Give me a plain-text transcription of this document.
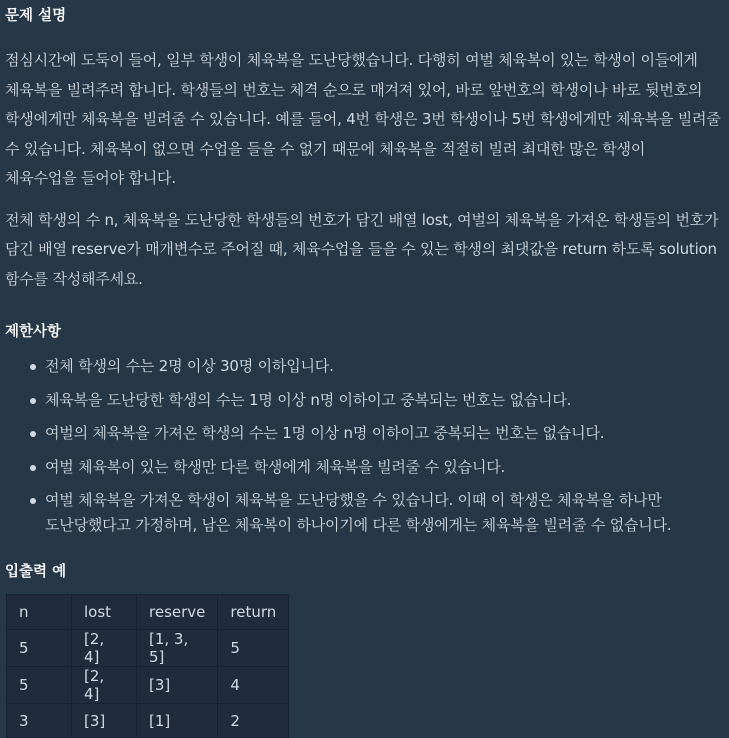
문제 설명

점심시간에 도둑이 들어, 일부 학생이 체육복을 도난당했습니다. 다행히 여벌 체육복이 있는 학생이 이들에게 체육복을 빌려주려 합니다. 학생들의 번호는 체격 순으로 매겨져 있어, 바로 앞번호의 학생이나 바로 뒷번호의 학생에게만 체육복을 빌려줄 수 있습니다. 예를 들어, 4번 학생은 3번 학생이나 5번 학생에게만 체육복을 빌려줄 수 있습니다. 체육복이 없으면 수업을 들을 수 없기 때문에 체육복을 적절히 빌려 최대한 많은 학생이 체육수업을 들어야 합니다.

전체 학생의 수 n, 체육복을 도난당한 학생들의 번호가 담긴 배열 lost, 여벌의 체육복을 가져온 학생들의 번호가 담긴 배열 reserve가 매개변수로 주어질 때, 체육수업을 들을 수 있는 학생의 최댓값을 return 하도록 solution 함수를 작성해주세요.

제한사항
전체 학생의 수는 2명 이상 30명 이하입니다.
체육복을 도난당한 학생의 수는 1명 이상 n명 이하이고 중복되는 번호는 없습니다.
여벌의 체육복을 가져온 학생의 수는 1명 이상 n명 이하이고 중복되는 번호는 없습니다.
여벌 체육복이 있는 학생만 다른 학생에게 체육복을 빌려줄 수 있습니다.
여벌 체육복을 가져온 학생이 체육복을 도난당했을 수 있습니다. 이때 이 학생은 체육복을 하나만 도난당했다고 가정하며, 남은 체육복이 하나이기에 다른 학생에게는 체육복을 빌려줄 수 없습니다.
입출력 예
n	lost	reserve	return
5	[2, 4]	[1, 3, 5]	5
5	[2, 4]	[3]	4
3	[3]	[1]	2
